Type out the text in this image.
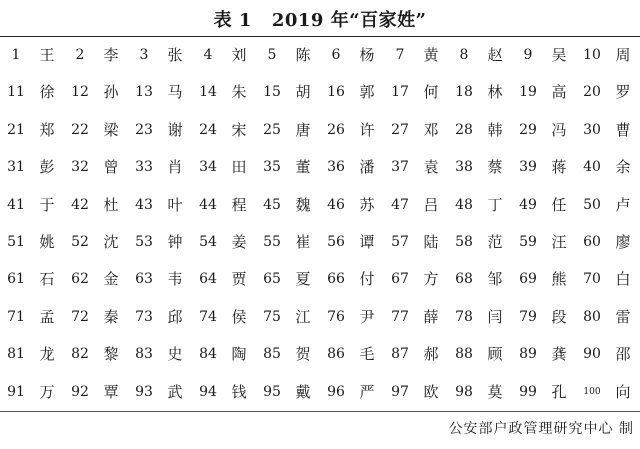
表 1 2019 年“百家姓”
1	王	2	李	3	张	4	刘	5	陈	6	杨	7	黄	8	赵	9	吴	10 周
11 徐	12 孙	13 马	14 朱	15 胡	16 郭	17 何	18 林	19 高	20 罗
21 郑	22 梁	23 谢	24 宋	25 唐	26 许	27 邓	28 韩	29 冯	30 曹
31 彭	32 曾	33 肖	34 田	35 董	36 潘	37 袁	38 蔡	39 蒋	40 余
41 于	42 杜	43 叶	44 程	45 魏	46 苏	47 吕	48 丁	49 任	50 卢
51 姚	52 沈	53 钟	54 姜	55 崔	56 谭	57 陆	58 范	59 汪	60 廖
61 石	62 金	63 韦	64 贾	65 夏	66 付	67 方	68 邹	69 熊	70 白
71 孟	72 秦	73 邱	74 侯	75 江	76 尹	77 薛	78 闫	79 段	80 雷
81 龙	82 黎	83 史	84 陶	85 贺	86 毛	87 郝	88 顾	89 龚	90 邵
91 万	92 覃	93 武	94 钱	95 戴	96 严	97 欧	98 莫	99 孔	100 向
公安部户政管理研究中心 制
